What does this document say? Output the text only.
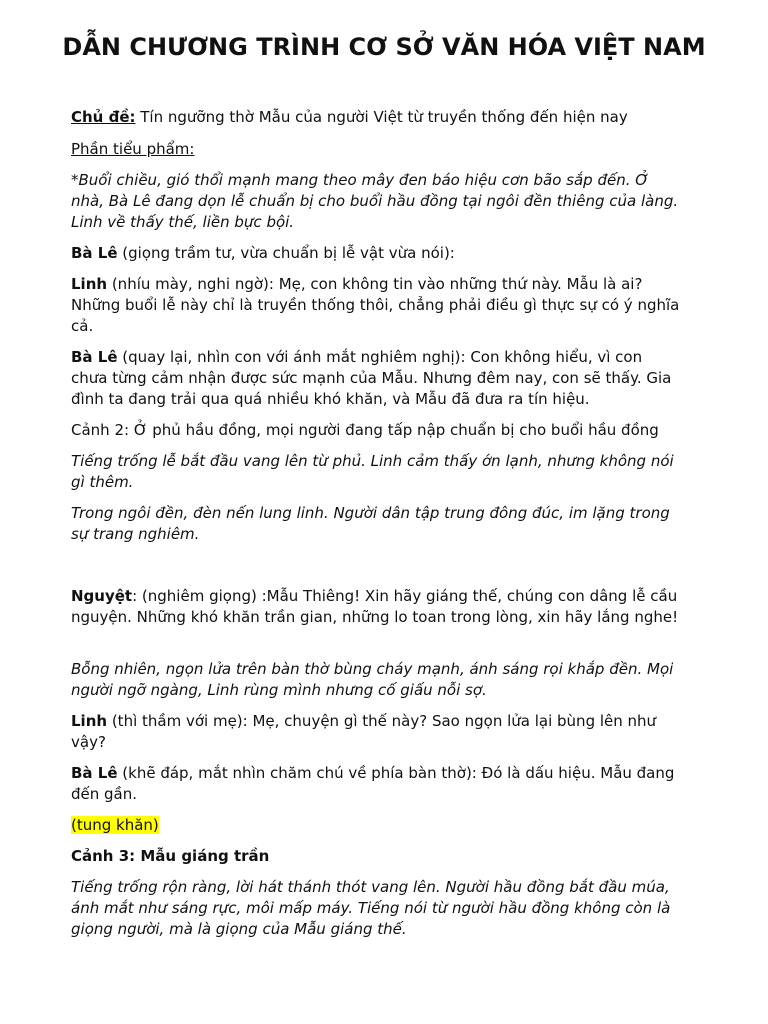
DẪN CHƯƠNG TRÌNH CƠ SỞ VĂN HÓA VIỆT NAM

Chủ đề: Tín ngưỡng thờ Mẫu của người Việt từ truyền thống đến hiện nay

Phần tiểu phẩm:

*Buổi chiều, gió thổi mạnh mang theo mây đen báo hiệu cơn bão sắp đến. Ở nhà, Bà Lê đang dọn lễ chuẩn bị cho buổi hầu đồng tại ngôi đền thiêng của làng. Linh về thấy thế, liền bực bội.

Bà Lê (giọng trầm tư, vừa chuẩn bị lễ vật vừa nói):

Linh (nhíu mày, nghi ngờ): Mẹ, con không tin vào những thứ này. Mẫu là ai? Những buổi lễ này chỉ là truyền thống thôi, chẳng phải điều gì thực sự có ý nghĩa cả.

Bà Lê (quay lại, nhìn con với ánh mắt nghiêm nghị): Con không hiểu, vì con chưa từng cảm nhận được sức mạnh của Mẫu. Nhưng đêm nay, con sẽ thấy. Gia đình ta đang trải qua quá nhiều khó khăn, và Mẫu đã đưa ra tín hiệu.

Cảnh 2: Ở phủ hầu đồng, mọi người đang tấp nập chuẩn bị cho buổi hầu đồng

Tiếng trống lễ bắt đầu vang lên từ phủ. Linh cảm thấy ớn lạnh, nhưng không nói gì thêm.

Trong ngôi đền, đèn nến lung linh. Người dân tập trung đông đúc, im lặng trong sự trang nghiêm.

Nguyệt: (nghiêm giọng) :Mẫu Thiêng! Xin hãy giáng thế, chúng con dâng lễ cầu nguyện. Những khó khăn trần gian, những lo toan trong lòng, xin hãy lắng nghe!

Bỗng nhiên, ngọn lửa trên bàn thờ bùng cháy mạnh, ánh sáng rọi khắp đền. Mọi người ngỡ ngàng, Linh rùng mình nhưng cố giấu nỗi sợ.

Linh (thì thầm với mẹ): Mẹ, chuyện gì thế này? Sao ngọn lửa lại bùng lên như vậy?

Bà Lê (khẽ đáp, mắt nhìn chăm chú về phía bàn thờ): Đó là dấu hiệu. Mẫu đang đến gần.

(tung khăn)

Cảnh 3: Mẫu giáng trần

Tiếng trống rộn ràng, lời hát thánh thót vang lên. Người hầu đồng bắt đầu múa, ánh mắt như sáng rực, môi mấp máy. Tiếng nói từ người hầu đồng không còn là giọng người, mà là giọng của Mẫu giáng thế.
